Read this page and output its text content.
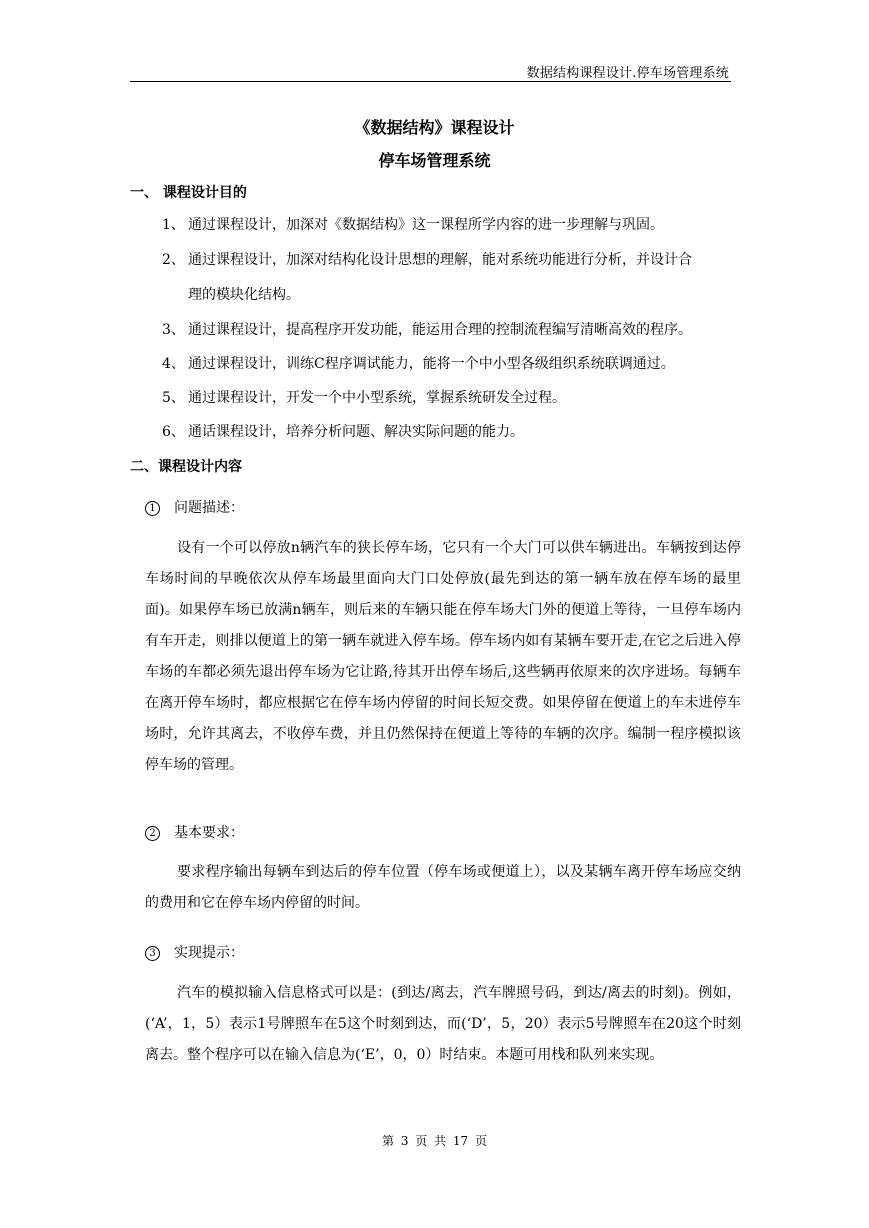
数据结构课程设计.停车场管理系统
《数据结构》课程设计
停车场管理系统
一、 课程设计目的
1、 通过课程设计，加深对《数据结构》这一课程所学内容的进一步理解与巩固。
2、 通过课程设计，加深对结构化设计思想的理解，能对系统功能进行分析，并设计合
理的模块化结构。
3、 通过课程设计，提高程序开发功能，能运用合理的控制流程编写清晰高效的程序。
4、 通过课程设计，训练C程序调试能力，能将一个中小型各级组织系统联调通过。
5、 通过课程设计，开发一个中小型系统，掌握系统研发全过程。
6、 通话课程设计，培养分析问题、解决实际问题的能力。
二、课程设计内容
1 问题描述：
设有一个可以停放n辆汽车的狭长停车场，它只有一个大门可以供车辆进出。车辆按到达停车场时间的早晚依次从停车场最里面向大门口处停放(最先到达的第一辆车放在停车场的最里面)。如果停车场已放满n辆车，则后来的车辆只能在停车场大门外的便道上等待，一旦停车场内有车开走，则排以便道上的第一辆车就进入停车场。停车场内如有某辆车要开走,在它之后进入停车场的车都必须先退出停车场为它让路,待其开出停车场后,这些辆再依原来的次序进场。每辆车在离开停车场时，都应根据它在停车场内停留的时间长短交费。如果停留在便道上的车未进停车场时，允许其离去，不收停车费，并且仍然保持在便道上等待的车辆的次序。编制一程序模拟该停车场的管理。
2 基本要求：
要求程序输出每辆车到达后的停车位置（停车场或便道上），以及某辆车离开停车场应交纳的费用和它在停车场内停留的时间。
3 实现提示：
汽车的模拟输入信息格式可以是：(到达/离去，汽车牌照号码，到达/离去的时刻)。例如，(‘A’，1，5）表示1号牌照车在5这个时刻到达，而(‘D’，5，20）表示5号牌照车在20这个时刻离去。整个程序可以在输入信息为(‘E’，0，0）时结束。本题可用栈和队列来实现。
第 3 页 共 17 页
